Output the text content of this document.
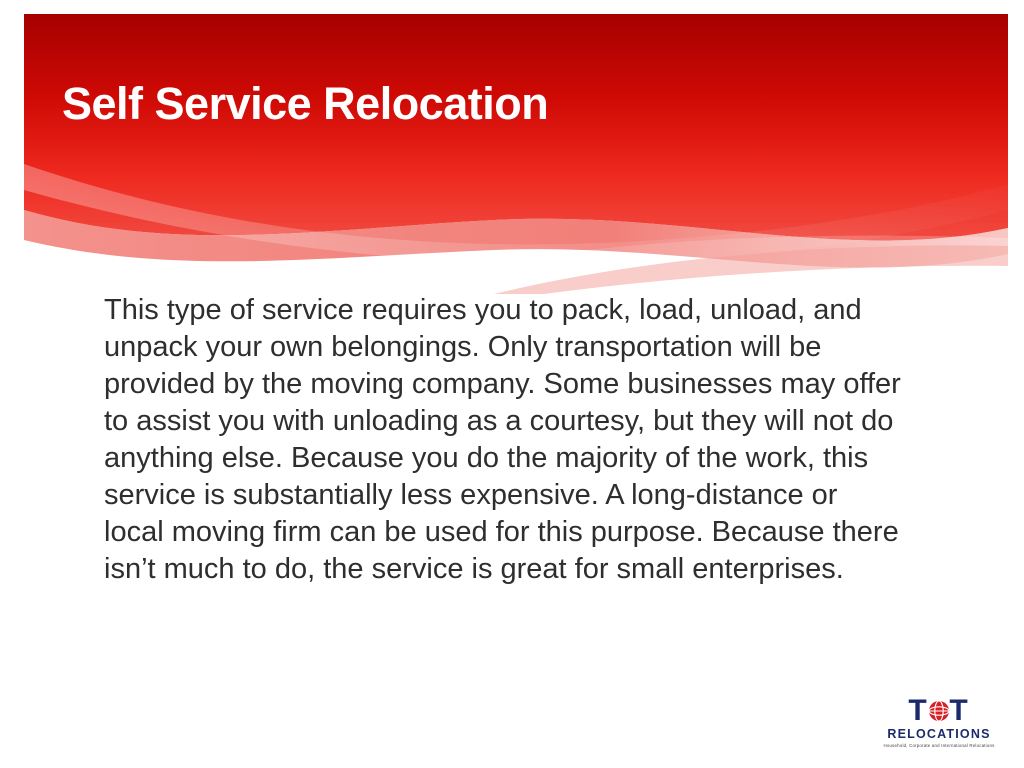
Self Service Relocation
This type of service requires you to pack, load, unload, and unpack your own belongings. Only transportation will be provided by the moving company. Some businesses may offer to assist you with unloading as a courtesy, but they will not do anything else. Because you do the majority of the work, this service is substantially less expensive. A long-distance or local moving firm can be used for this purpose. Because there isn’t much to do, the service is great for small enterprises.
T T
RELOCATIONS
Household, Corporate and International Relocations
